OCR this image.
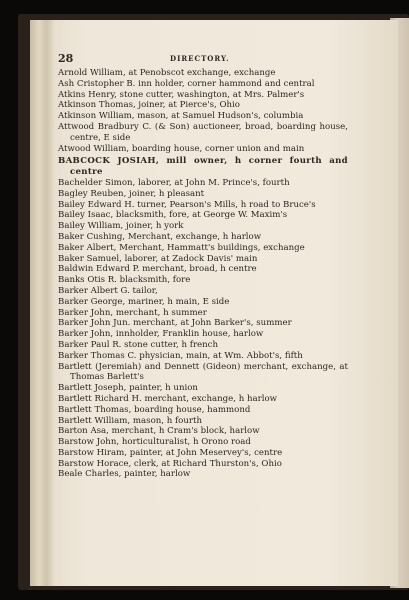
28	DIRECTORY.
Arnold William, at Penobscot exchange, exchange
Ash Cristopher B. inn holder, corner hammond and central
Atkins Henry, stone cutter, washington, at Mrs. Palmer's
Atkinson Thomas, joiner, at Pierce's, Ohio
Atkinson William, mason, at Samuel Hudson's, columbia
Attwood Bradbury C. (& Son) auctioneer, broad, boarding house, centre, E side
Atwood William, boarding house, corner union and main
BABCOCK JOSIAH, mill owner, h corner fourth and centre
Bachelder Simon, laborer, at John M. Prince's, fourth
Bagley Reuben, joiner, h pleasant
Bailey Edward H. turner, Pearson's Mills, h road to Bruce's
Bailey Isaac, blacksmith, fore, at George W. Maxim's
Bailey William, joiner, h york
Baker Cushing, Merchant, exchange, h harlow
Baker Albert, Merchant, Hammatt's buildings, exchange
Baker Samuel, laborer, at Zadock Davis' main
Baldwin Edward P. merchant, broad, h centre
Banks Otis R. blacksmith, fore
Barker Albert G. tailor,
Barker George, mariner, h main, E side
Barker John, merchant, h summer
Barker John Jun. merchant, at John Barker's, summer
Barker John, innholder, Franklin house, harlow
Barker Paul R. stone cutter, h french
Barker Thomas C. physician, main, at Wm. Abbot's, fifth
Bartlett (Jeremiah) and Dennett (Gideon) merchant, exchange, at Thomas Barlett's
Bartlett Joseph, painter, h union
Bartlett Richard H. merchant, exchange, h harlow
Bartlett Thomas, boarding house, hammond
Bartlett William, mason, h fourth
Barton Asa, merchant, h Cram's block, harlow
Barstow John, horticulturalist, h Orono road
Barstow Hiram, painter, at John Meservey's, centre
Barstow Horace, clerk, at Richard Thurston's, Ohio
Beale Charles, painter, harlow
